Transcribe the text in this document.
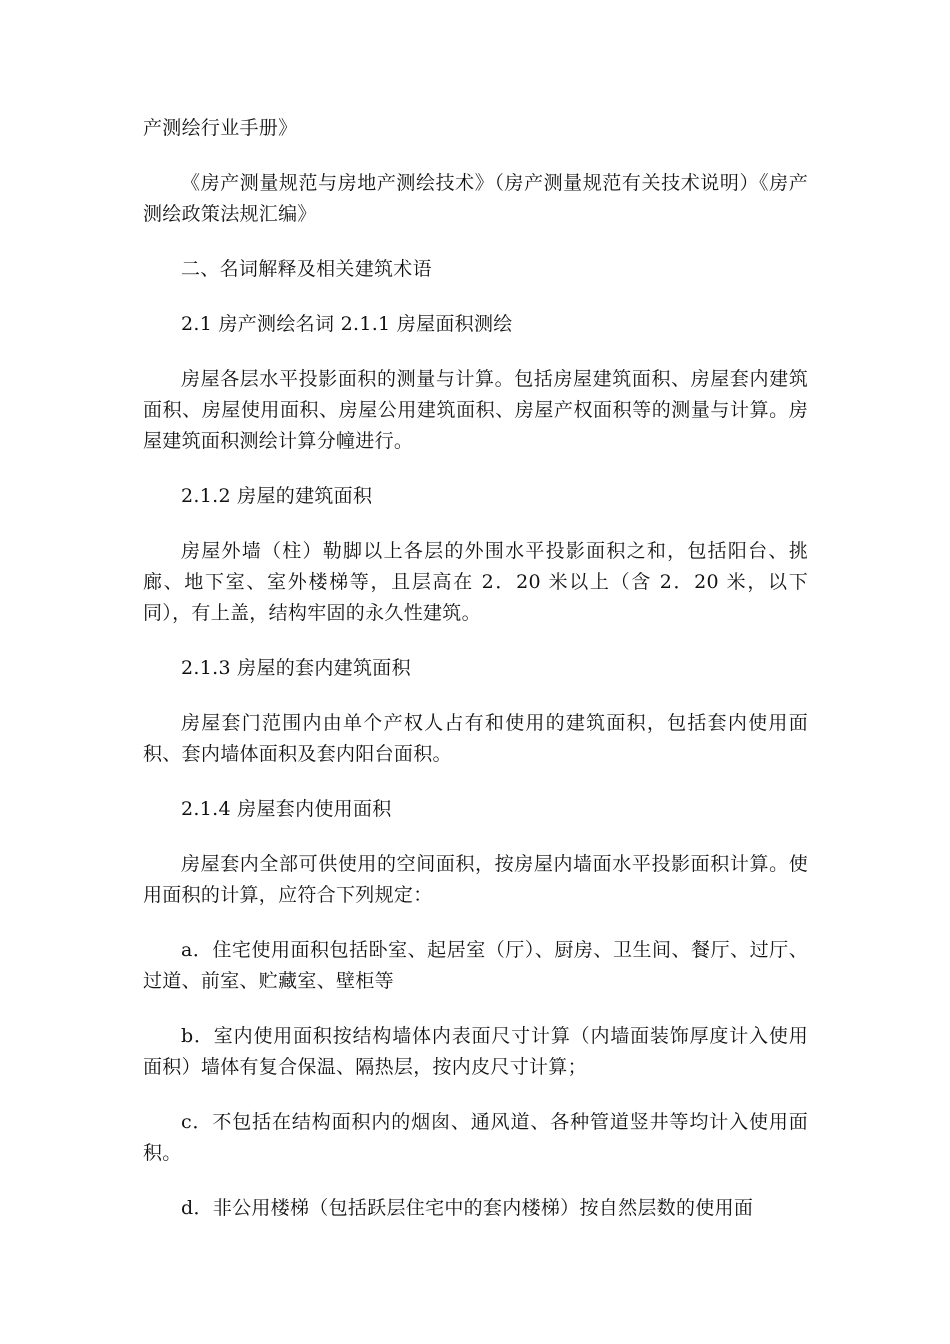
产测绘行业手册》

《房产测量规范与房地产测绘技术》（房产测量规范有关技术说明）《房产测绘政策法规汇编》

二、名词解释及相关建筑术语

2.1 房产测绘名词 2.1.1 房屋面积测绘

房屋各层水平投影面积的测量与计算。包括房屋建筑面积、房屋套内建筑面积、房屋使用面积、房屋公用建筑面积、房屋产权面积等的测量与计算。房屋建筑面积测绘计算分幢进行。

2.1.2 房屋的建筑面积

房屋外墙（柱）勒脚以上各层的外围水平投影面积之和，包括阳台、挑廊、地下室、室外楼梯等，且层高在 2．20 米以上（含 2．20 米，以下同），有上盖，结构牢固的永久性建筑。

2.1.3 房屋的套内建筑面积

房屋套门范围内由单个产权人占有和使用的建筑面积，包括套内使用面积、套内墙体面积及套内阳台面积。

2.1.4 房屋套内使用面积

房屋套内全部可供使用的空间面积，按房屋内墙面水平投影面积计算。使用面积的计算，应符合下列规定：

a．住宅使用面积包括卧室、起居室（厅）、厨房、卫生间、餐厅、过厅、过道、前室、贮藏室、壁柜等

b．室内使用面积按结构墙体内表面尺寸计算（内墙面装饰厚度计入使用面积）墙体有复合保温、隔热层，按内皮尺寸计算；

c．不包括在结构面积内的烟囱、通风道、各种管道竖井等均计入使用面积。

d．非公用楼梯（包括跃层住宅中的套内楼梯）按自然层数的使用面
